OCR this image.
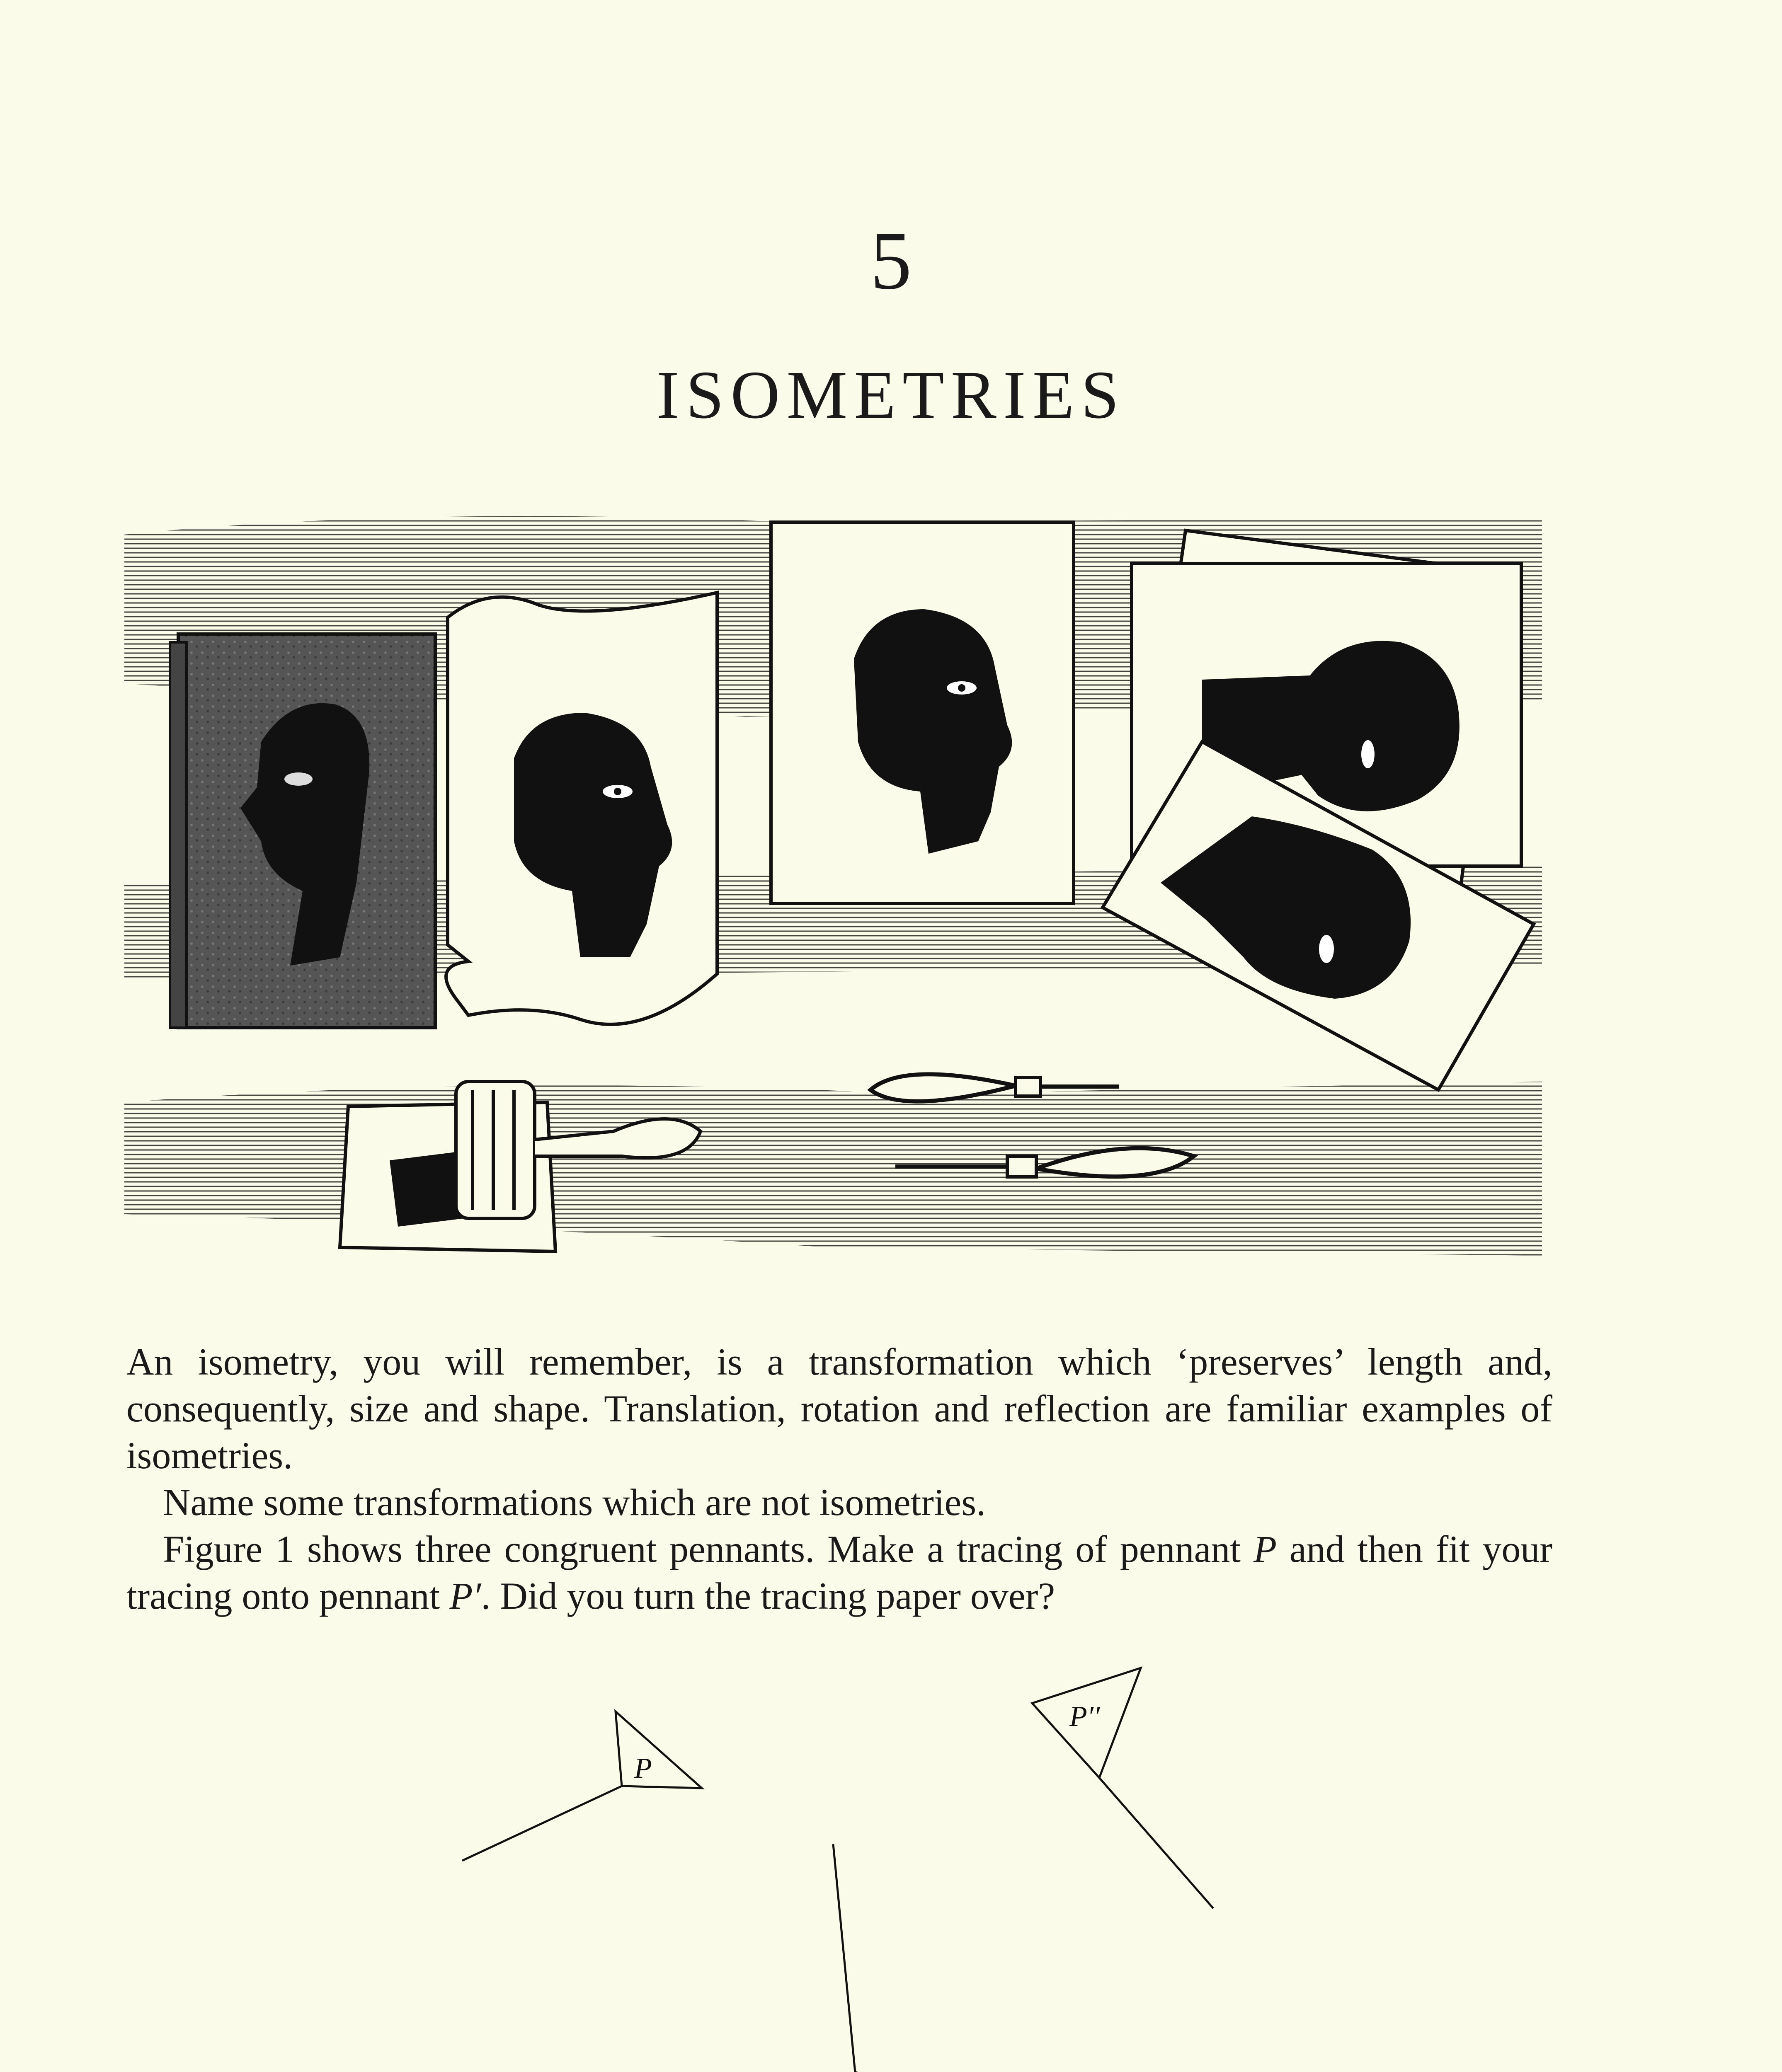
5
ISOMETRIES

An isometry, you will remember, is a transformation which ‘preserves’ length and, consequently, size and shape. Translation, rotation and reflection are familiar examples of isometries.

Name some transformations which are not isometries.

Figure 1 shows three congruent pennants. Make a tracing of pennant P and then fit your tracing onto pennant P′. Did you turn the tracing paper over?

P
P′′
